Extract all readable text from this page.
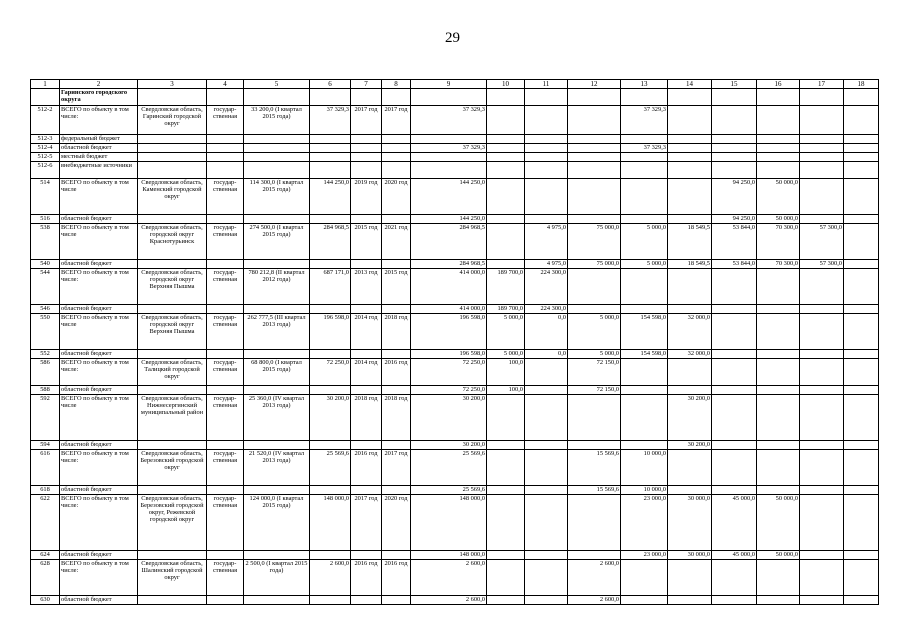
29
1	2	3	4	5	6	7	8	9	10	11	12	13	14	15	16	17	18
	Гаринского городского округа																
512-2	ВСЕГО по объекту в том числе:	Свердловская область, Гаринский городской округ	государ- ственная	33 200,0 (I квартал 2015 года)	37 329,3	2017 год	2017 год	37 329,3				37 329,3					
512-3	федеральный бюджет																
512-4	областной бюджет							37 329,3				37 329,3					
512-5	местный бюджет																
512-6	внебюджетные источники																
514	ВСЕГО по объекту в том числе	Свердловская область, Каменский городской округ	государ- ственная	114 300,0 (I квартал 2015 года)	144 250,0	2019 год	2020 год	144 250,0						94 250,0	50 000,0		
516	областной бюджет							144 250,0						94 250,0	50 000,0		
538	ВСЕГО по объекту в том числе	Свердловская область, городской округ Краснотурьинск	государ- ственная	274 500,0 (I квартал 2015 года)	284 968,5	2015 год	2021 год	284 968,5		4 975,0	75 000,0	5 000,0	18 549,5	53 844,0	70 300,0	57 300,0	
540	областной бюджет							284 968,5		4 975,0	75 000,0	5 000,0	18 549,5	53 844,0	70 300,0	57 300,0	
544	ВСЕГО по объекту в том числе:	Свердловская область, городской округ Верхняя Пышма	государ- ственная	780 212,8 (II квартал 2012 года)	687 171,0	2013 год	2015 год	414 000,0	189 700,0	224 300,0							
546	областной бюджет							414 000,0	189 700,0	224 300,0							
550	ВСЕГО по объекту в том числе	Свердловская область, городской округ Верхняя Пышма	государ- ственная	262 777,5 (III квартал 2013 года)	196 598,0	2014 год	2018 год	196 598,0	5 000,0	0,0	5 000,0	154 598,0	32 000,0				
552	областной бюджет							196 598,0	5 000,0	0,0	5 000,0	154 598,0	32 000,0				
586	ВСЕГО по объекту в том числе:	Свердловская область, Талицкий городской округ	государ- ственная	68 800,0 (I квартал 2015 года)	72 250,0	2014 год	2016 год	72 250,0	100,0		72 150,0						
588	областной бюджет							72 250,0	100,0		72 150,0						
592	ВСЕГО по объекту в том числе	Свердловская область, Нижнесергинский муниципальный район	государ- ственная	25 360,0 (IV квартал 2013 года)	30 200,0	2018 год	2018 год	30 200,0					30 200,0				
594	областной бюджет							30 200,0					30 200,0				
616	ВСЕГО по объекту в том числе:	Свердловская область, Березовский городской округ	государ- ственная	21 520,0 (IV квартал 2013 года)	25 569,6	2016 год	2017 год	25 569,6			15 569,6	10 000,0					
618	областной бюджет							25 569,6			15 569,6	10 000,0					
622	ВСЕГО по объекту в том числе:	Свердловская область, Березовский городской округ, Режевской городской округ	государ- ственная	124 000,0 (I квартал 2015 года)	148 000,0	2017 год	2020 год	148 000,0				23 000,0	30 000,0	45 000,0	50 000,0		
624	областной бюджет							148 000,0				23 000,0	30 000,0	45 000,0	50 000,0		
628	ВСЕГО по объекту в том числе:	Свердловская область, Шалинский городской округ	государ- ственная	2 500,0 (I квартал 2015 года)	2 600,0	2016 год	2016 год	2 600,0			2 600,0						
630	областной бюджет							2 600,0			2 600,0						
